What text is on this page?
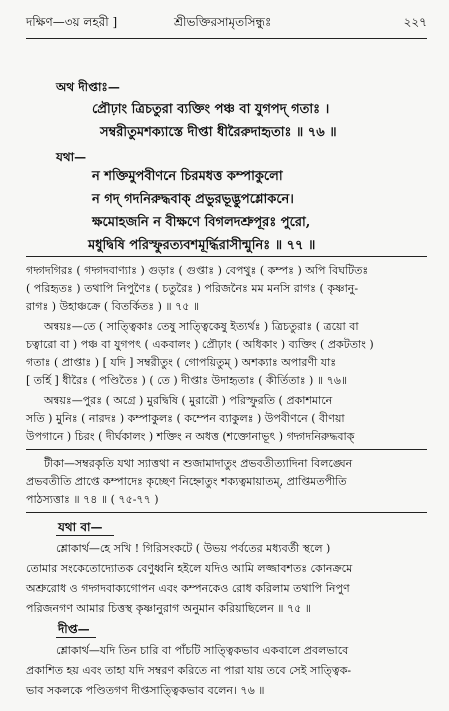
দক্ষিণ—৩য় লহরী ]	শ্রীভক্তিরসামৃতসিন্ধুঃ	২২৭
অথ দীপ্তাঃ—
প্রৌঢ়াং ত্রিচতুরা ব্যক্তিং পঞ্চ বা যুগপদ্ গতাঃ ।
সম্বরীতুমশক্যাস্তে দীপ্তা ধীরৈরুদাহৃতাঃ ॥ ৭৬ ॥
যথা—
ন শক্তিমুপবীণনে চিরমধত্ত কম্পাকুলো
ন গদ্ গদনিরুদ্ধবাক্ প্রভুরভূদ্ভুপশ্লোকনে।
ক্ষমোহজনি ন বীক্ষণে বিগলদশ্রুপূরঃ পুরো,
মধুদ্বিষি পরিস্ফুরত্যবশমূর্দ্ধিরাসীন্মুনিঃ ॥ ৭৭ ॥
গদ্গদগিরঃ ( গদ্গদবাণ্যাঃ ) গুড়াঃ ( গুপ্তাঃ ) বেপথুঃ ( কম্পঃ ) অপি বিঘটিতঃ
( পরিহৃতঃ ) তথাপি নিপুণৈঃ ( চতুরৈঃ ) পরিজনৈঃ মম মনসি রাগঃ ( কৃষ্ণানু-
রাগঃ ) উহাঞ্চক্রে ( বিতর্কিতঃ ) ॥ ৭৫ ॥
অন্বয়ঃ—তে ( সাত্ত্বিকাঃ তেষু সাত্ত্বিকেষু ইত্যর্থঃ ) ত্রিচতুরাঃ ( ত্রয়ো বা
চত্বারো বা ) পঞ্চ বা যুগপৎ ( একবালং ) প্রৌঢ়াং ( অধিকাং ) ব্যক্তিং ( প্রকটতাং )
গতাঃ ( প্রাপ্তাঃ ) [ যদি ] সম্বরীতুং ( গোপয়িতুম্ ) অশক্যাঃ অপারণী যাঃ
[ তর্হি ] ধীরৈঃ ( পণ্ডিতৈঃ ) ( তে ) দীপ্তাঃ উদাহৃতাঃ ( কীর্তিতাঃ ) ॥ ৭৬॥
অন্বয়ঃ—পুরঃ ( অগ্রে ) মুরদ্বিষি ( মুরারৌ ) পরিস্ফুরতি ( প্রকাশমানে
সতি ) মুনিঃ ( নারদঃ ) কম্পাকুলঃ ( কম্পেন ব্যাকুলঃ ) উপবীণনে ( বীণয়া
উপগানে ) চিরং ( দীর্ঘকালং ) শক্তিং ন অধত্ত (শক্তোনাভূৎ ) গদ্গদনিরুদ্ধবাক্
টীকা—সম্বরকৃতি যথা স্যাত্তথা ন শুজামাদাতুং প্রভবতীত্যাদিনা বিলঙ্ঘেন
প্রভবতীতি প্রাপ্তে কম্পাদেঃ কৃচ্ছেণ নিহ্নোতুং শক্যত্বমায়াতম্, প্রাপ্তিমতপীতি
পাঠস্যত্তাঃ ॥ ৭৪ ॥ ( ৭৫-৭৭ )
যথা বা—
শ্লোকার্থ—হে সখি ! গিরিসংকটে ( উভয় পর্বতের মধ্যবর্তী স্থলে )
তোমার সংকেতোদ্যোতক বেণুধ্বনি হইলে যদিও আমি লজ্জাবশতঃ কোনক্রমে
অশ্রুরোধ ও গদ্গদবাক্যগোপন এবং কম্পনকেও রোধ করিলাম তথাপি নিপুণ
পরিজনগণ আমার চিত্তস্থ কৃষ্ণানুরাগ অনুমান করিয়াছিলেন ॥ ৭৫ ॥
দীপ্ত—
শ্লোকার্থ—যদি তিন চারি বা পাঁচটি সাত্ত্বিকভাব একবালে প্রবলভাবে
প্রকাশিত হয় এবং তাহা যদি সম্বরণ করিতে না পারা যায় তবে সেই সাত্ত্বিক-
ভাব সকলকে পণ্ডিতগণ দীপ্তসাত্ত্বিকভাব বলেন। ৭৬ ॥
